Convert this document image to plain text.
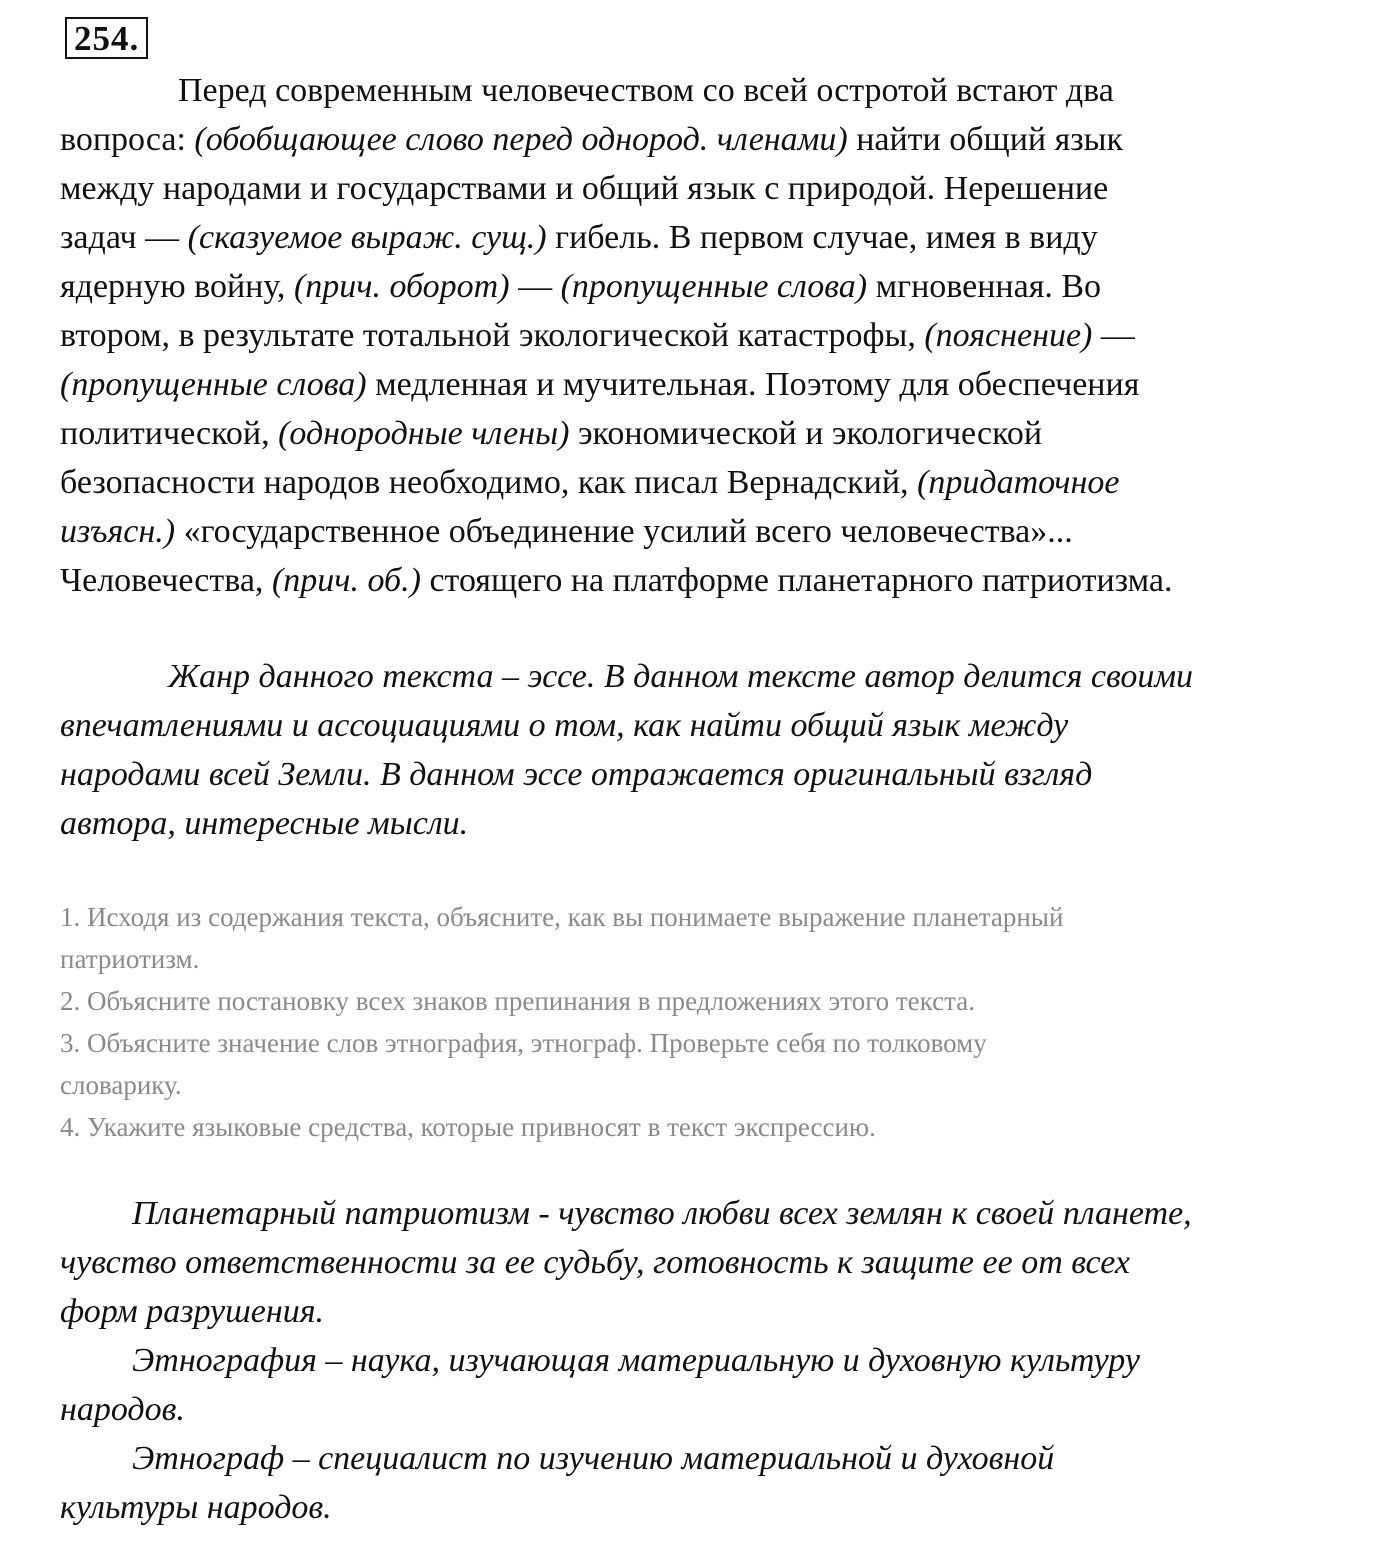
254.

Перед современным человечеством со всей остротой встают два
вопроса: (обобщающее слово перед однород. членами) найти общий язык
между народами и государствами и общий язык с природой. Нерешение
задач — (сказуемое выраж. сущ.) гибель. В первом случае, имея в виду
ядерную войну, (прич. оборот) — (пропущенные слова) мгновенная. Во
втором, в результате тотальной экологической катастрофы, (пояснение) —
(пропущенные слова) медленная и мучительная. Поэтому для обеспечения
политической, (однородные члены) экономической и экологической
безопасности народов необходимо, как писал Вернадский, (придаточное
изъясн.) «государственное объединение усилий всего человечества»...
Человечества, (прич. об.) стоящего на платформе планетарного патриотизма.

Жанр данного текста – эссе. В данном тексте автор делится своими
впечатлениями и ассоциациями о том, как найти общий язык между
народами всей Земли. В данном эссе отражается оригинальный взгляд
автора, интересные мысли.

1. Исходя из содержания текста, объясните, как вы понимаете выражение планетарный
патриотизм.
2. Объясните постановку всех знаков препинания в предложениях этого текста.
3. Объясните значение слов этнография, этнограф. Проверьте себя по толковому
словарику.
4. Укажите языковые средства, которые привносят в текст экспрессию.

Планетарный патриотизм - чувство любви всех землян к своей планете,
чувство ответственности за ее судьбу, готовность к защите ее от всех
форм разрушения.
Этнография – наука, изучающая материальную и духовную культуру
народов.
Этнограф – специалист по изучению материальной и духовной
культуры народов.
